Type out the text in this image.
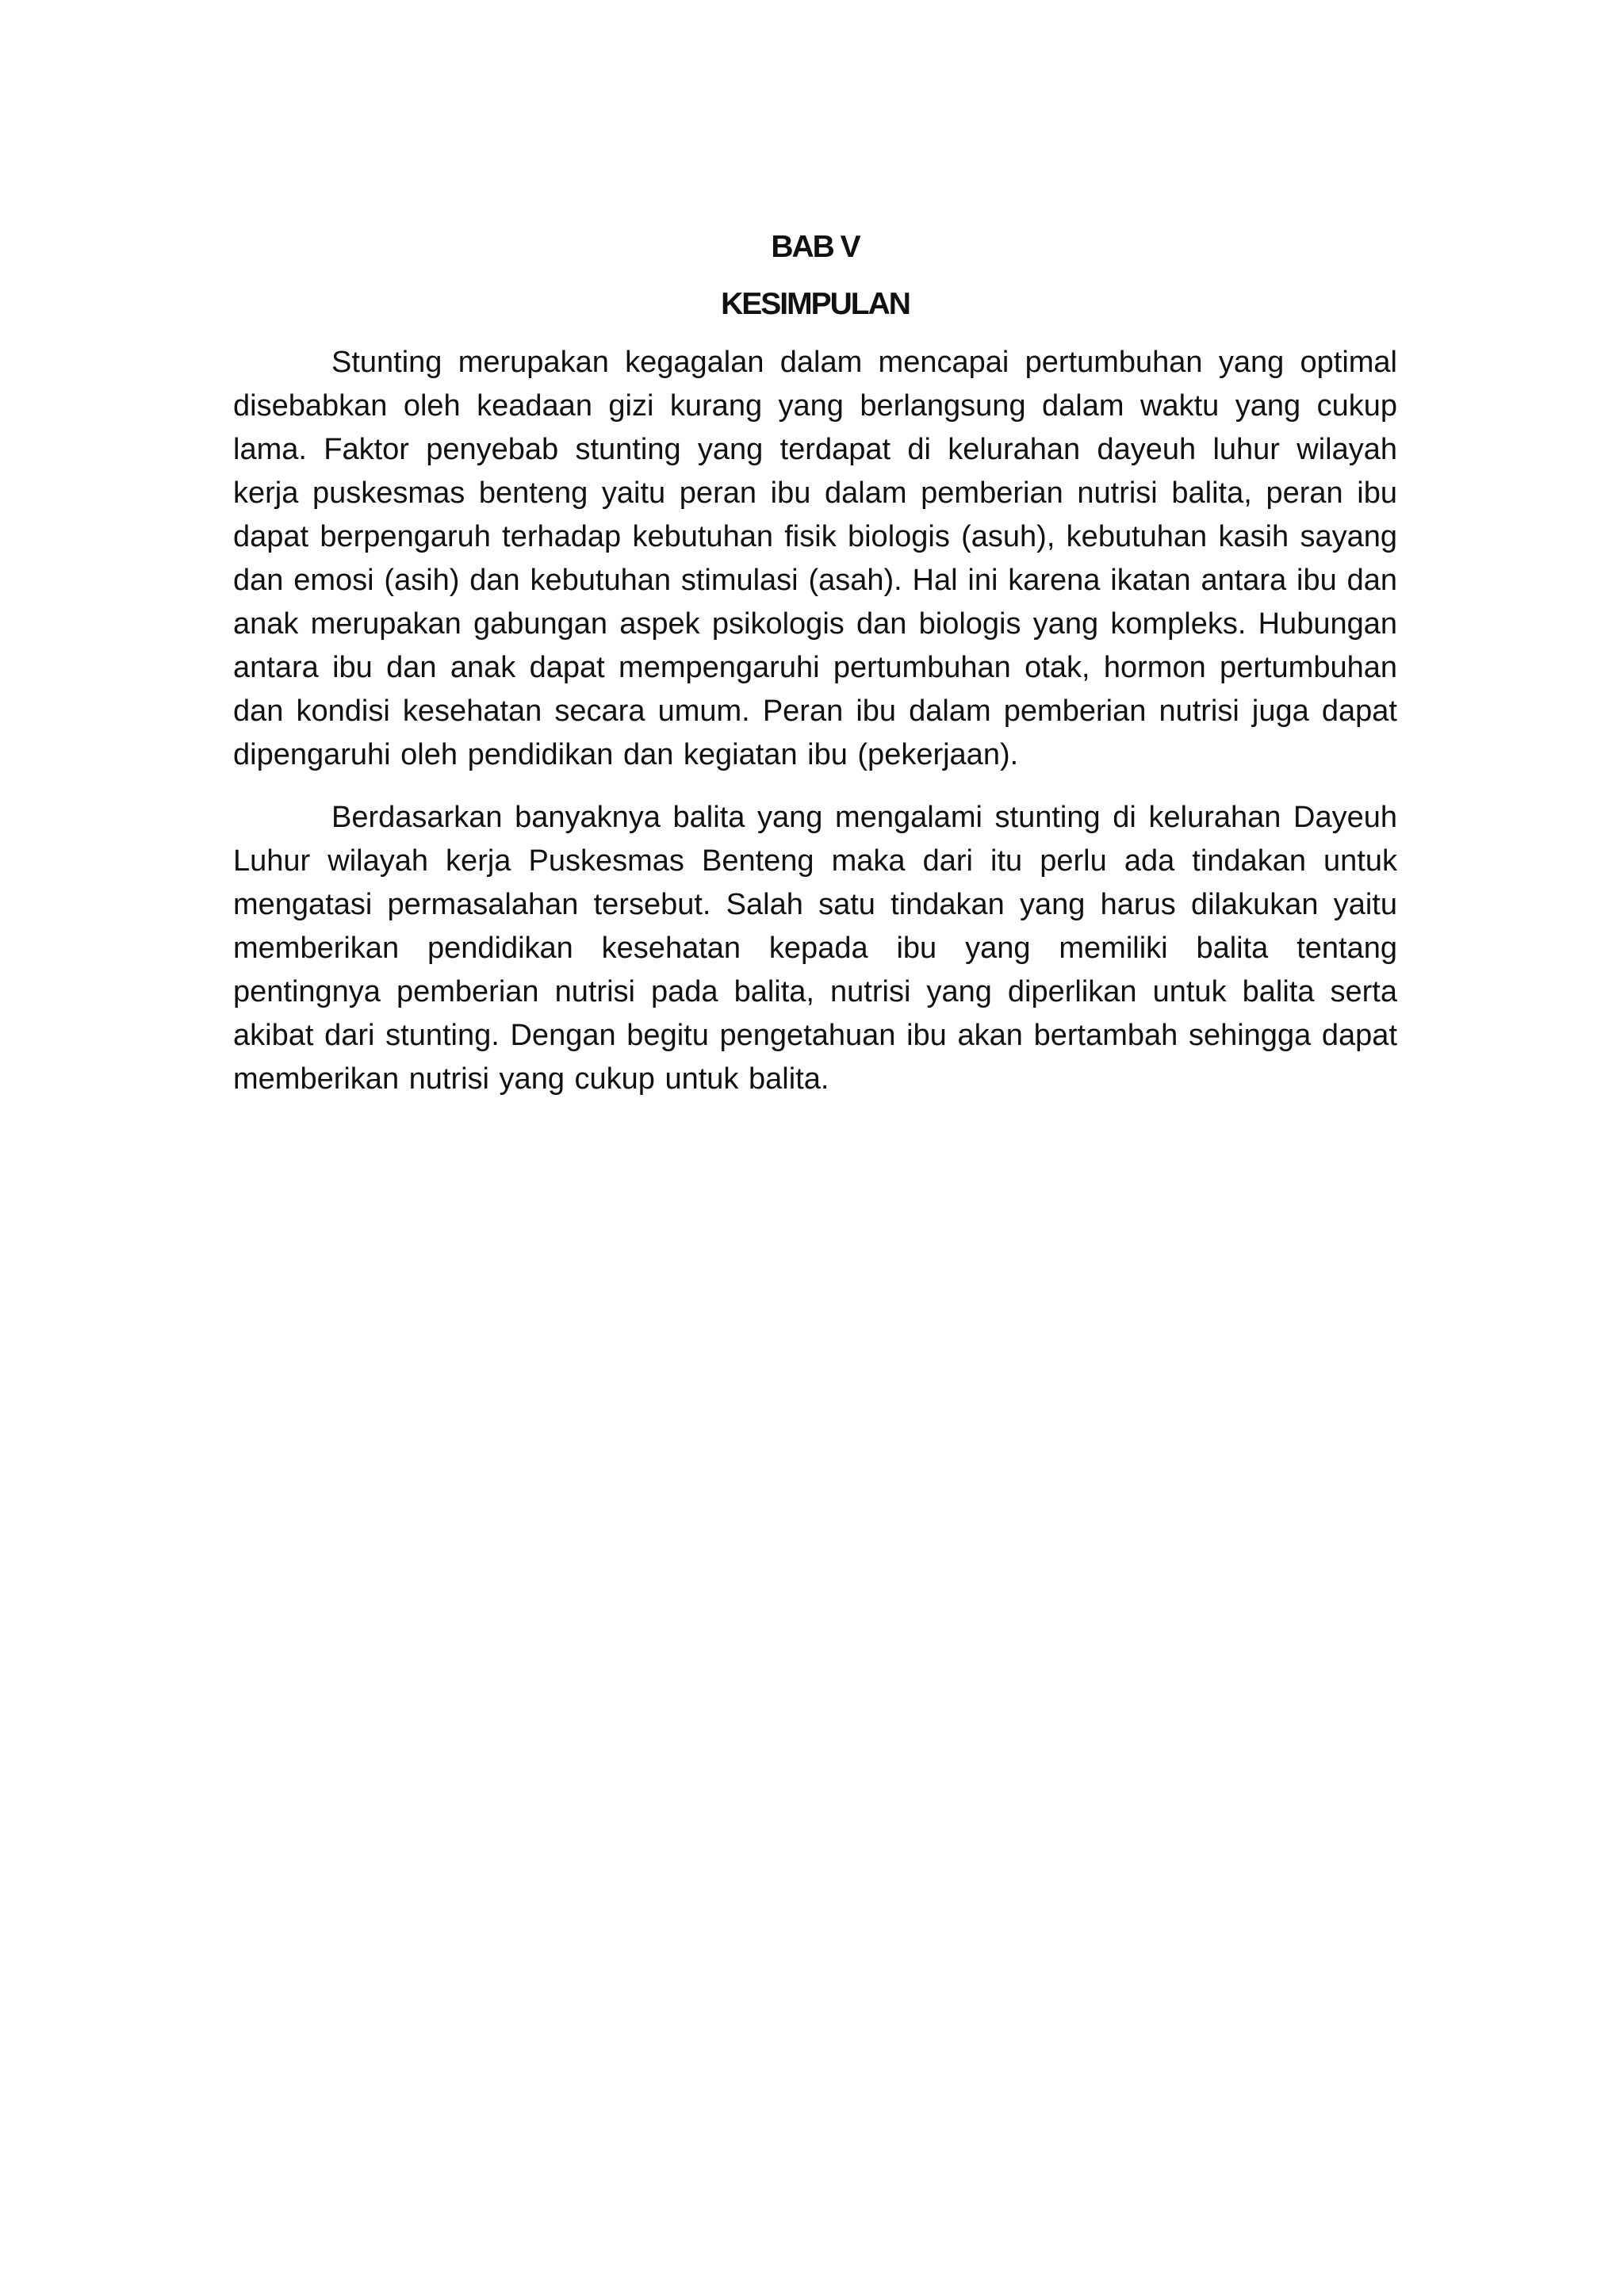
BAB V
KESIMPULAN

Stunting merupakan kegagalan dalam mencapai pertumbuhan yang optimal disebabkan oleh keadaan gizi kurang yang berlangsung dalam waktu yang cukup lama. Faktor penyebab stunting yang terdapat di kelurahan dayeuh luhur wilayah kerja puskesmas benteng yaitu peran ibu dalam pemberian nutrisi balita, peran ibu dapat berpengaruh terhadap kebutuhan fisik biologis (asuh), kebutuhan kasih sayang dan emosi (asih) dan kebutuhan stimulasi (asah). Hal ini karena ikatan antara ibu dan anak merupakan gabungan aspek psikologis dan biologis yang kompleks. Hubungan antara ibu dan anak dapat mempengaruhi pertumbuhan otak, hormon pertumbuhan dan kondisi kesehatan secara umum. Peran ibu dalam pemberian nutrisi juga dapat dipengaruhi oleh pendidikan dan kegiatan ibu (pekerjaan).

Berdasarkan banyaknya balita yang mengalami stunting di kelurahan Dayeuh Luhur wilayah kerja Puskesmas Benteng maka dari itu perlu ada tindakan untuk mengatasi permasalahan tersebut. Salah satu tindakan yang harus dilakukan yaitu memberikan pendidikan kesehatan kepada ibu yang memiliki balita tentang pentingnya pemberian nutrisi pada balita, nutrisi yang diperlikan untuk balita serta akibat dari stunting. Dengan begitu pengetahuan ibu akan bertambah sehingga dapat memberikan nutrisi yang cukup untuk balita.
